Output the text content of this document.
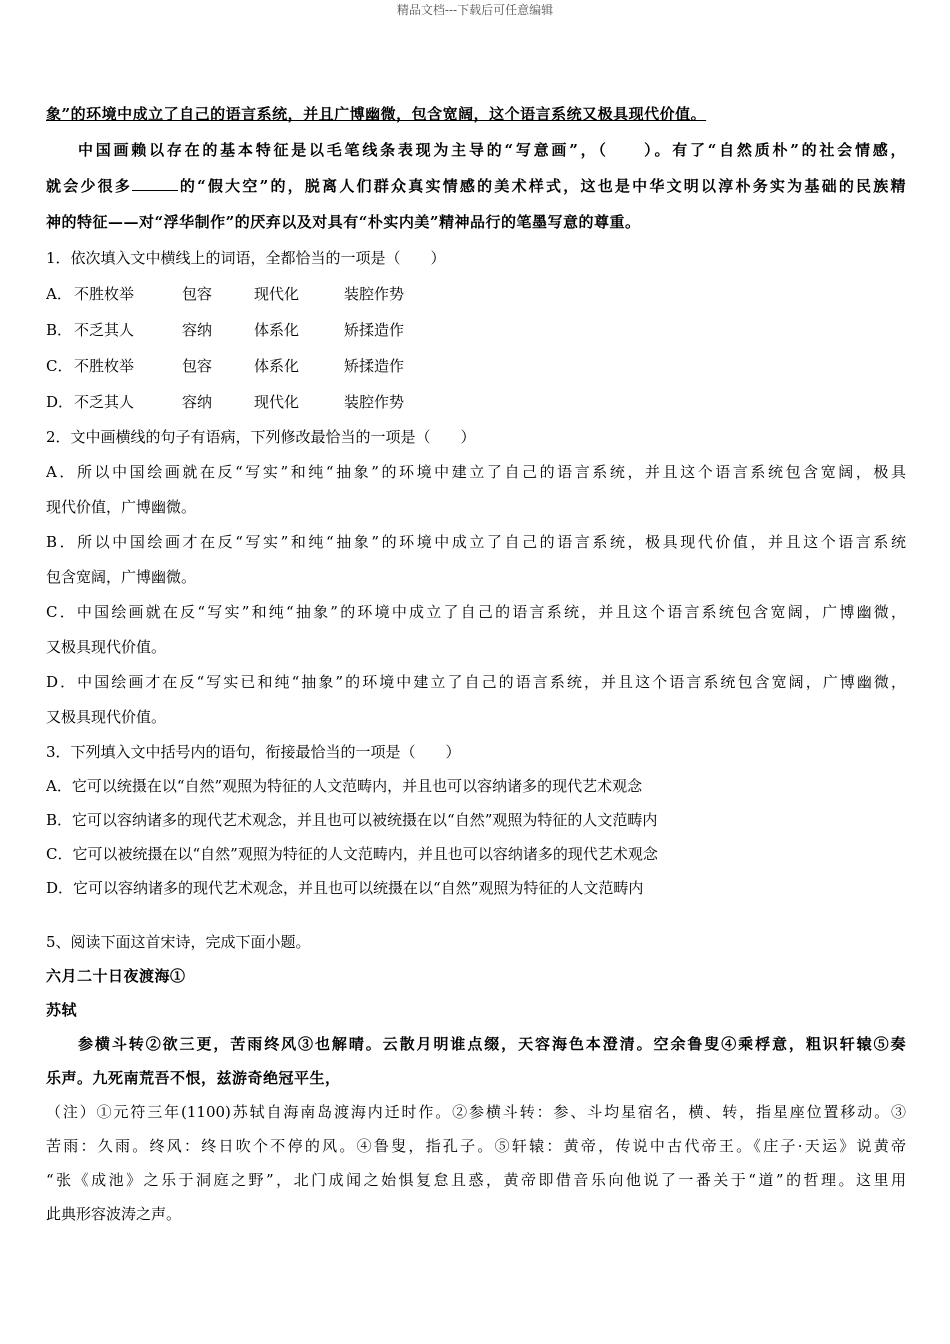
精品文档---下载后可任意编辑
象”的环境中成立了自己的语言系统，并且广博幽微，包含宽阔，这个语言系统又极具现代价值。
中国画赖以存在的基本特征是以毛笔线条表现为主导的“写意画”，（　　）。有了“自然质朴”的社会情感，
就会少很多	的“假大空”的，脱离人们群众真实情感的美术样式，这也是中华文明以淳朴务实为基础的民族精
神的特征——对“浮华制作”的厌弃以及对具有“朴实内美”精神品行的笔墨写意的尊重。
1．依次填入文中横线上的词语，全都恰当的一项是（　　）
A． 不胜枚举	包容	现代化	装腔作势
B． 不乏其人	容纳	体系化	矫揉造作
C． 不胜枚举	包容	体系化	矫揉造作
D．不乏其人	容纳	现代化	装腔作势
2．文中画横线的句子有语病，下列修改最恰当的一项是（　　）
A．所以中国绘画就在反“写实”和纯“抽象”的环境中建立了自己的语言系统，并且这个语言系统包含宽阔，极具
现代价值，广博幽微。
B．所以中国绘画才在反“写实”和纯“抽象”的环境中成立了自己的语言系统，极具现代价值，并且这个语言系统
包含宽阔，广博幽微。
C．中国绘画就在反“写实”和纯“抽象”的环境中成立了自己的语言系统，并且这个语言系统包含宽阔，广博幽微，
又极具现代价值。
D．中国绘画才在反“写实已和纯“抽象”的环境中建立了自己的语言系统，并且这个语言系统包含宽阔，广博幽微，
又极具现代价值。
3．下列填入文中括号内的语句，衔接最恰当的一项是（　　）
A．它可以统摄在以“自然”观照为特征的人文范畴内，并且也可以容纳诸多的现代艺术观念
B．它可以容纳诸多的现代艺术观念，并且也可以被统摄在以“自然”观照为特征的人文范畴内
C．它可以被统摄在以“自然”观照为特征的人文范畴内，并且也可以容纳诸多的现代艺术观念
D．它可以容纳诸多的现代艺术观念，并且也可以统摄在以“自然”观照为特征的人文范畴内
5、阅读下面这首宋诗，完成下面小题。
六月二十日夜渡海①
苏轼
参横斗转②欲三更，苦雨终风③也解晴。云散月明谁点缀，天容海色本澄清。空余鲁叟④乘桴意，粗识轩辕⑤奏
乐声。九死南荒吾不恨，兹游奇绝冠平生，
（注）①元符三年(1100)苏轼自海南岛渡海内迁时作。②参横斗转：参、斗均星宿名，横、转，指星座位置移动。③
苦雨：久雨。终风：终日吹个不停的风。④鲁叟，指孔子。⑤轩辕：黄帝，传说中古代帝王。《庄子·天运》说黄帝
“张《成池》之乐于洞庭之野”，北门成闻之始惧复怠且惑，黄帝即借音乐向他说了一番关于“道”的哲理。这里用
此典形容波涛之声。
